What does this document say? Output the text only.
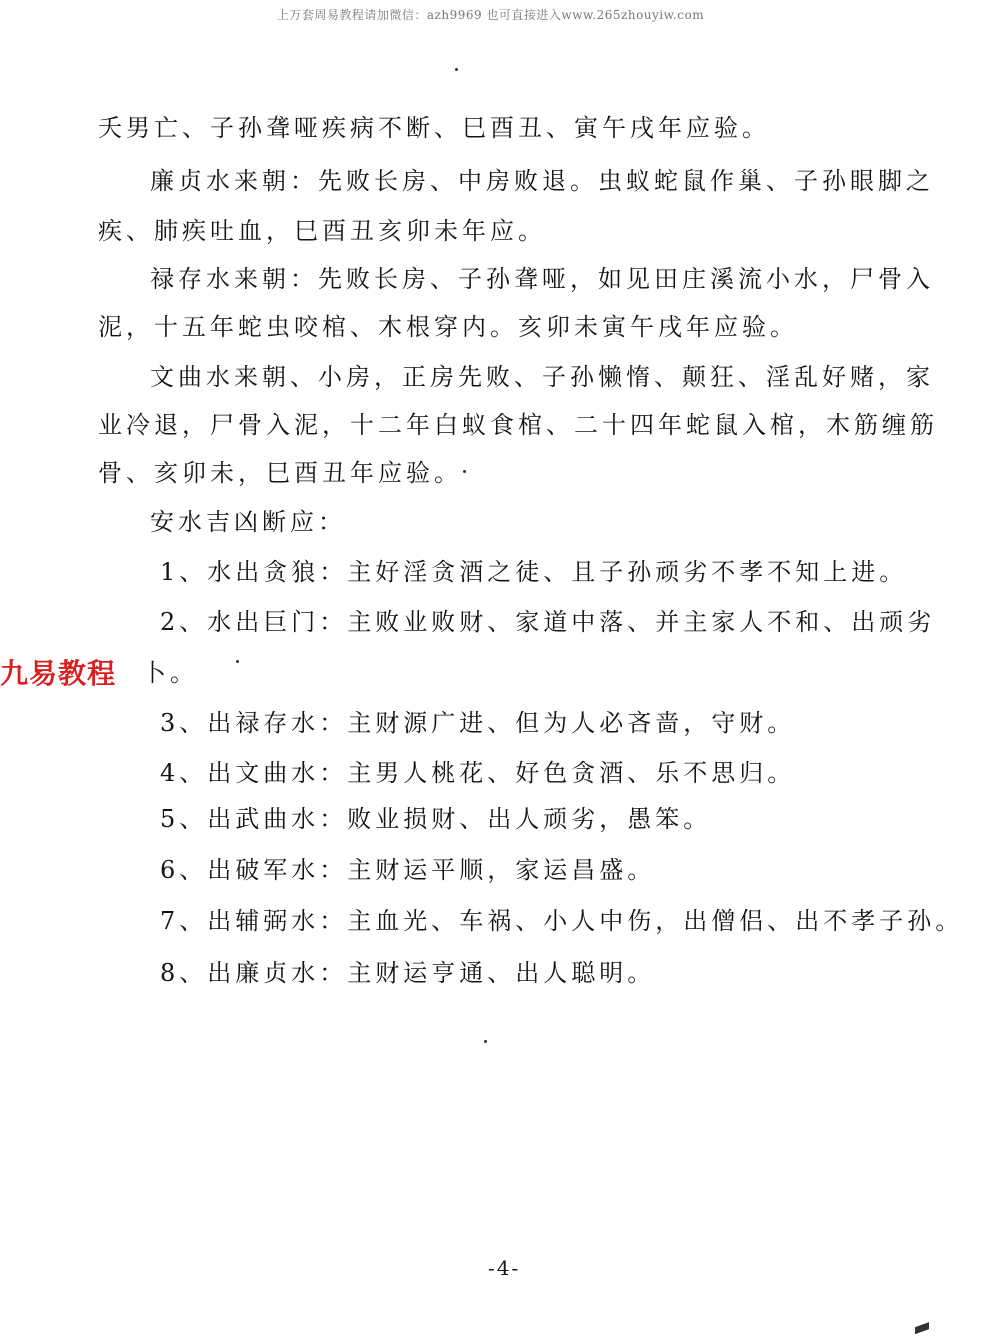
上万套周易教程请加微信：azh9969 也可直接进入www.265zhouyiw.com
夭男亡、子孙聋哑疾病不断、巳酉丑、寅午戌年应验。
廉贞水来朝：先败长房、中房败退。虫蚁蛇鼠作巢、子孙眼脚之
疾、肺疾吐血，巳酉丑亥卯未年应。
禄存水来朝：先败长房、子孙聋哑，如见田庄溪流小水，尸骨入
泥，十五年蛇虫咬棺、木根穿内。亥卯未寅午戌年应验。
文曲水来朝、小房，正房先败、子孙懒惰、颠狂、淫乱好赌，家
业冷退，尸骨入泥，十二年白蚁食棺、二十四年蛇鼠入棺，木筋缠筋
骨、亥卯未，巳酉丑年应验。
安水吉凶断应：
1、水出贪狼：主好淫贪酒之徒、且子孙顽劣不孝不知上进。
2、水出巨门：主败业败财、家道中落、并主家人不和、出顽劣
卜。
3、出禄存水：主财源广进、但为人必吝啬，守财。
4、出文曲水：主男人桃花、好色贪酒、乐不思归。
5、出武曲水：败业损财、出人顽劣，愚笨。
6、出破军水：主财运平顺，家运昌盛。
7、出辅弼水：主血光、车祸、小人中伤，出僧侣、出不孝子孙。
8、出廉贞水：主财运亨通、出人聪明。
九易教程
-4-
